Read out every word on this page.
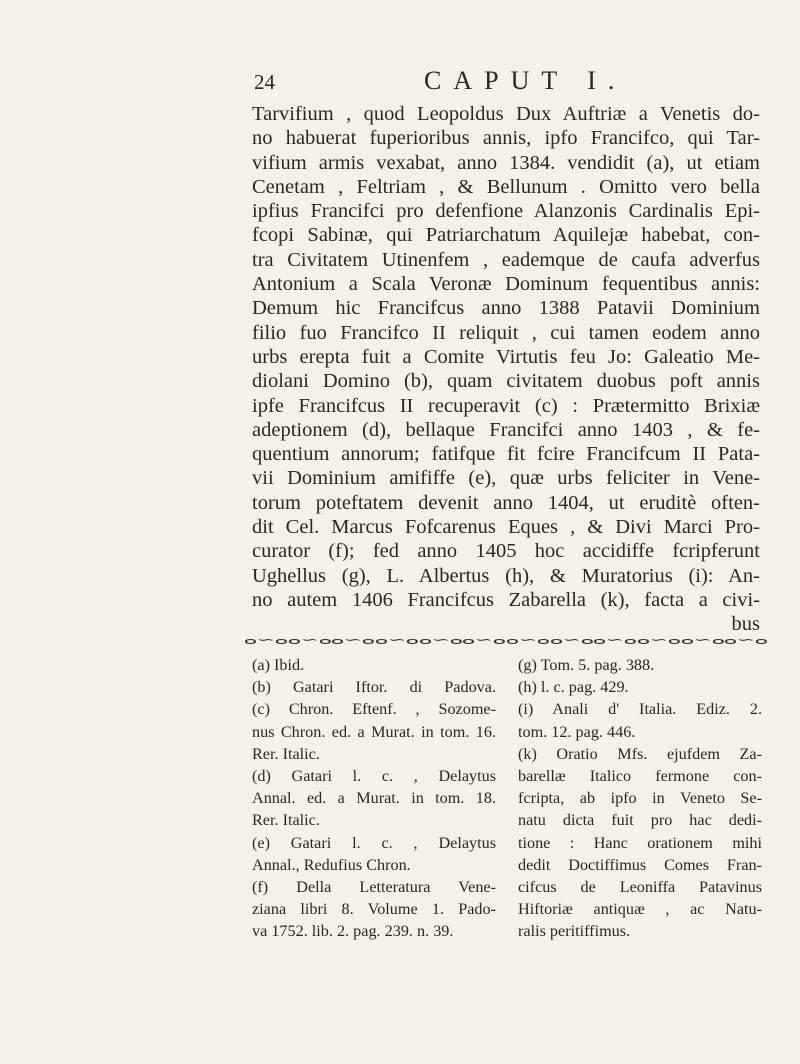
24	CAPUT I.
Tarvifium , quod Leopoldus Dux Auftriæ a Venetis do-
no habuerat fuperioribus annis, ipfo Francifco, qui Tar-
vifium armis vexabat, anno 1384. vendidit (a), ut etiam
Cenetam , Feltriam , & Bellunum . Omitto vero bella
ipfius Francifci pro defenfione Alanzonis Cardinalis Epi-
fcopi Sabinæ, qui Patriarchatum Aquilejæ habebat, con-
tra Civitatem Utinenfem , eademque de caufa adverfus
Antonium a Scala Veronæ Dominum fequentibus annis:
Demum hic Francifcus anno 1388 Patavii Dominium
filio fuo Francifco II reliquit , cui tamen eodem anno
urbs erepta fuit a Comite Virtutis feu Jo: Galeatio Me-
diolani Domino (b), quam civitatem duobus poft annis
ipfe Francifcus II recuperavit (c) : Prætermitto Brixiæ
adeptionem (d), bellaque Francifci anno 1403 , & fe-
quentium annorum; fatifque fit fcire Francifcum II Pata-
vii Dominium amififfe (e), quæ urbs feliciter in Vene-
torum poteftatem devenit anno 1404, ut eruditè often-
dit Cel. Marcus Fofcarenus Eques , & Divi Marci Pro-
curator (f); fed anno 1405 hoc accidiffe fcripferunt
Ughellus (g), L. Albertus (h), & Muratorius (i): An-
no autem 1406 Francifcus Zabarella (k), facta a civi-
bus
ⴰ∽ⴰ ⴰ∽ⴰ ⴰ∽ⴰ ⴰ∽ⴰ ⴰ∽ⴰ ⴰ∽ⴰ ⴰ∽ⴰ ⴰ∽ⴰ ⴰ∽ⴰ ⴰ∽ⴰ ⴰ∽ⴰ ⴰ∽ⴰ
(a) Ibid.
(b) Gatari Iftor. di Padova.
(c) Chron. Eftenf. , Sozome-
nus Chron. ed. a Murat. in tom. 16.
Rer. Italic.
(d) Gatari l. c. , Delaytus
Annal. ed. a Murat. in tom. 18.
Rer. Italic.
(e) Gatari l. c. , Delaytus
Annal., Redufius Chron.
(f) Della Letteratura Vene-
ziana libri 8. Volume 1. Pado-
va 1752. lib. 2. pag. 239. n. 39.
(g) Tom. 5. pag. 388.
(h) l. c. pag. 429.
(i) Anali d' Italia. Ediz. 2.
tom. 12. pag. 446.
(k) Oratio Mfs. ejufdem Za-
barellæ Italico fermone con-
fcripta, ab ipfo in Veneto Se-
natu dicta fuit pro hac dedi-
tione : Hanc orationem mihi
dedit Doctiffimus Comes Fran-
cifcus de Leoniffa Patavinus
Hiftoriæ antiquæ , ac Natu-
ralis peritiffimus.
